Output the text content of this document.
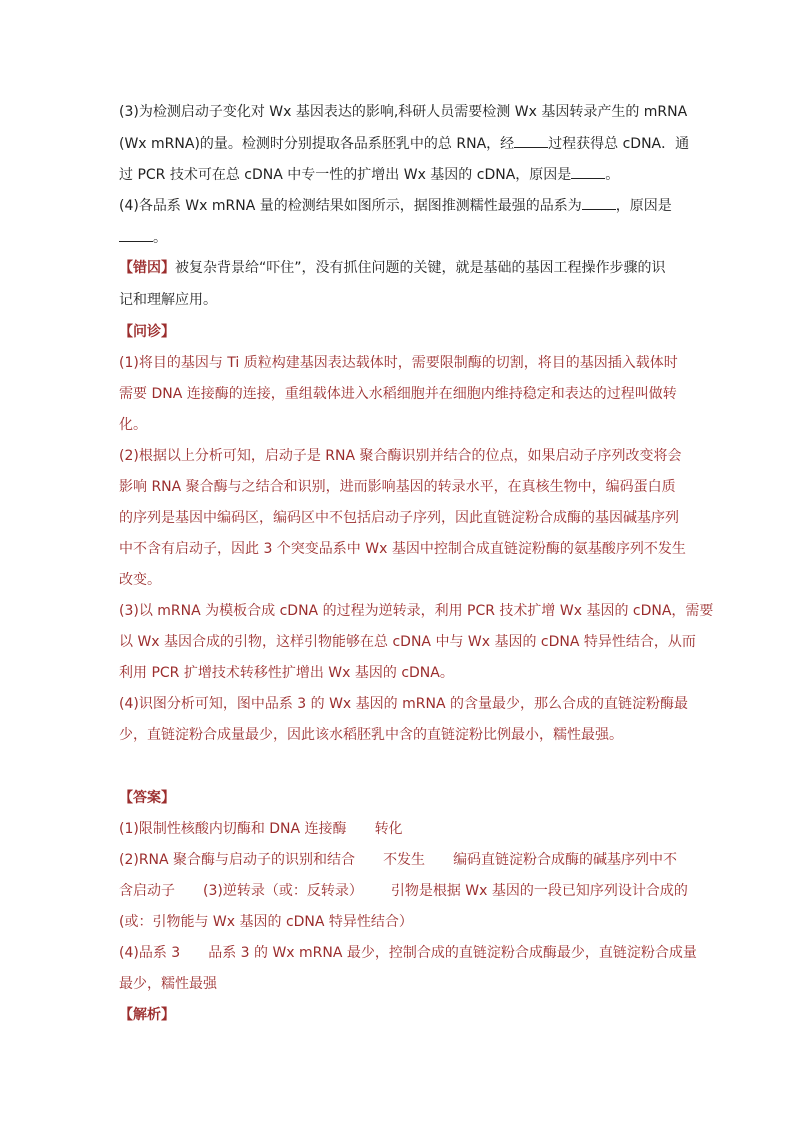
(3)为检测启动子变化对 Wx 基因表达的影响,科研人员需要检测 Wx 基因转录产生的 mRNA
(Wx mRNA)的量。检测时分别提取各品系胚乳中的总 RNA，经 过程获得总 cDNA．通
过 PCR 技术可在总 cDNA 中专一性的扩增出 Wx 基因的 cDNA，原因是 。
(4)各品系 Wx mRNA 量的检测结果如图所示，据图推测糯性最强的品系为 ，原因是
。
【错因】被复杂背景给“吓住”，没有抓住问题的关键，就是基础的基因工程操作步骤的识
记和理解应用。
【问诊】
(1)将目的基因与 Ti 质粒构建基因表达载体时，需要限制酶的切割，将目的基因插入载体时
需要 DNA 连接酶的连接，重组载体进入水稻细胞并在细胞内维持稳定和表达的过程叫做转
化。
(2)根据以上分析可知，启动子是 RNA 聚合酶识别并结合的位点，如果启动子序列改变将会
影响 RNA 聚合酶与之结合和识别，进而影响基因的转录水平，在真核生物中，编码蛋白质
的序列是基因中编码区，编码区中不包括启动子序列，因此直链淀粉合成酶的基因碱基序列
中不含有启动子，因此 3 个突变品系中 Wx 基因中控制合成直链淀粉酶的氨基酸序列不发生
改变。
(3)以 mRNA 为模板合成 cDNA 的过程为逆转录，利用 PCR 技术扩增 Wx 基因的 cDNA，需要
以 Wx 基因合成的引物，这样引物能够在总 cDNA 中与 Wx 基因的 cDNA 特异性结合，从而
利用 PCR 扩增技术转移性扩增出 Wx 基因的 cDNA。
(4)识图分析可知，图中品系 3 的 Wx 基因的 mRNA 的含量最少，那么合成的直链淀粉酶最
少，直链淀粉合成量最少，因此该水稻胚乳中含的直链淀粉比例最小，糯性最强。
【答案】
(1)限制性核酸内切酶和 DNA 连接酶 转化
(2)RNA 聚合酶与启动子的识别和结合 不发生 编码直链淀粉合成酶的碱基序列中不
含启动子 (3)逆转录（或：反转录） 引物是根据 Wx 基因的一段已知序列设计合成的
(或：引物能与 Wx 基因的 cDNA 特异性结合）
(4)品系 3 品系 3 的 Wx mRNA 最少，控制合成的直链淀粉合成酶最少，直链淀粉合成量
最少，糯性最强
【解析】
